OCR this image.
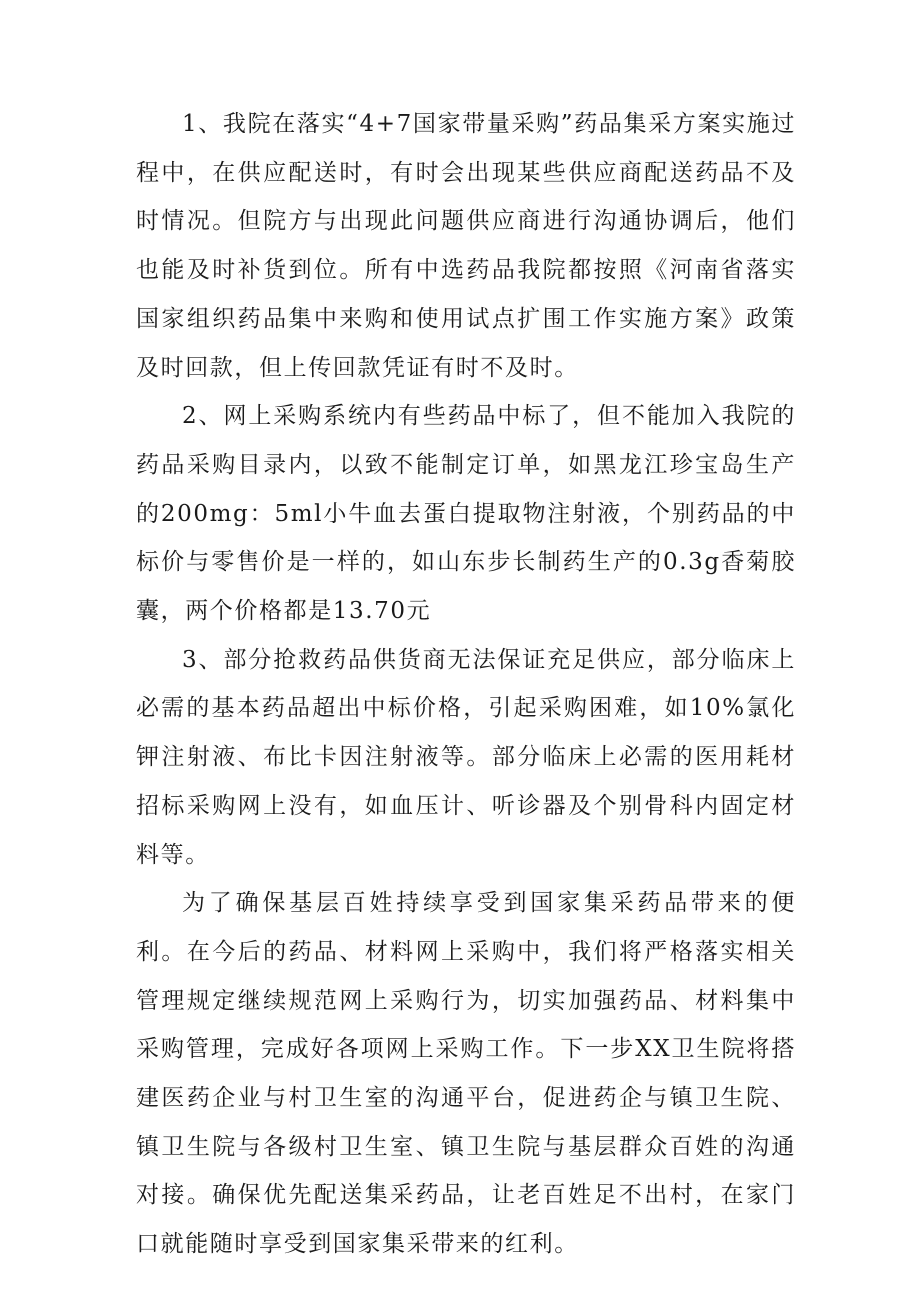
1、我院在落实“4+7国家带量采购”药品集采方案实施过程中，在供应配送时，有时会出现某些供应商配送药品不及时情况。但院方与出现此问题供应商进行沟通协调后，他们也能及时补货到位。所有中选药品我院都按照《河南省落实国家组织药品集中来购和使用试点扩围工作实施方案》政策及时回款，但上传回款凭证有时不及时。

2、网上采购系统内有些药品中标了，但不能加入我院的药品采购目录内，以致不能制定订单，如黑龙江珍宝岛生产的200mg：5ml小牛血去蛋白提取物注射液，个别药品的中标价与零售价是一样的，如山东步长制药生产的0.3g香菊胶囊，两个价格都是13.70元

3、部分抢救药品供货商无法保证充足供应，部分临床上必需的基本药品超出中标价格，引起采购困难，如10%氯化钾注射液、布比卡因注射液等。部分临床上必需的医用耗材招标采购网上没有，如血压计、听诊器及个别骨科内固定材料等。

为了确保基层百姓持续享受到国家集采药品带来的便利。在今后的药品、材料网上采购中，我们将严格落实相关管理规定继续规范网上采购行为，切实加强药品、材料集中采购管理，完成好各项网上采购工作。下一步XX卫生院将搭建医药企业与村卫生室的沟通平台，促进药企与镇卫生院、镇卫生院与各级村卫生室、镇卫生院与基层群众百姓的沟通对接。确保优先配送集采药品，让老百姓足不出村，在家门口就能随时享受到国家集采带来的红利。
